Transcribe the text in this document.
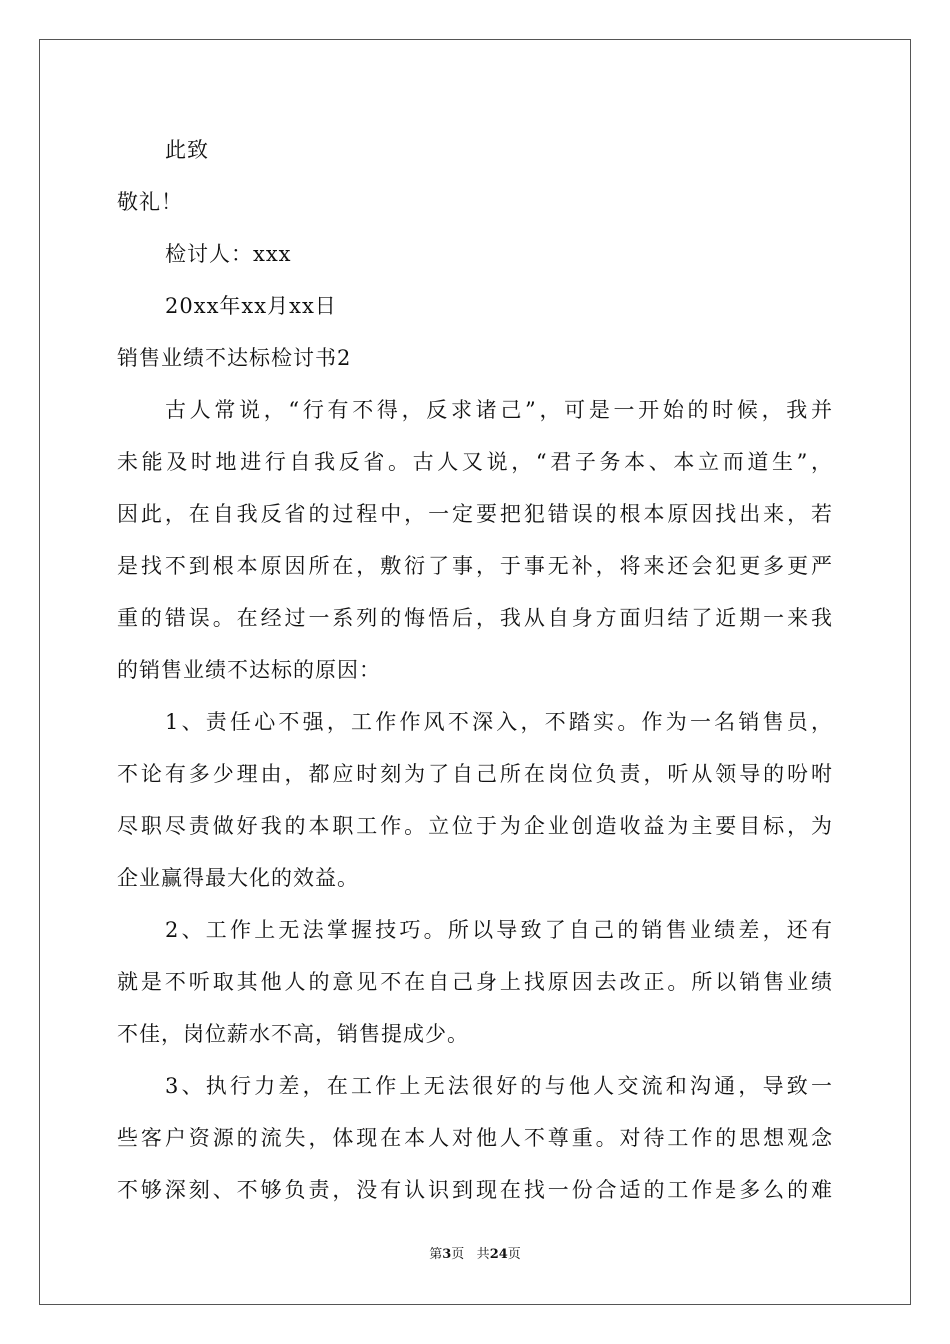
此致
敬礼！
检讨人：xxx
20xx年xx月xx日
销售业绩不达标检讨书2
古人常说，“行有不得，反求诸己”，可是一开始的时候，我并
未能及时地进行自我反省。古人又说，“君子务本、本立而道生”，
因此，在自我反省的过程中，一定要把犯错误的根本原因找出来，若
是找不到根本原因所在，敷衍了事，于事无补，将来还会犯更多更严
重的错误。在经过一系列的悔悟后，我从自身方面归结了近期一来我
的销售业绩不达标的原因：
1、责任心不强，工作作风不深入，不踏实。作为一名销售员，
不论有多少理由，都应时刻为了自己所在岗位负责，听从领导的吩咐
尽职尽责做好我的本职工作。立位于为企业创造收益为主要目标，为
企业赢得最大化的效益。
2、工作上无法掌握技巧。所以导致了自己的销售业绩差，还有
就是不听取其他人的意见不在自己身上找原因去改正。所以销售业绩
不佳，岗位薪水不高，销售提成少。
3、执行力差，在工作上无法很好的与他人交流和沟通，导致一
些客户资源的流失，体现在本人对他人不尊重。对待工作的思想观念
不够深刻、不够负责，没有认识到现在找一份合适的工作是多么的难
第3页 共24页
